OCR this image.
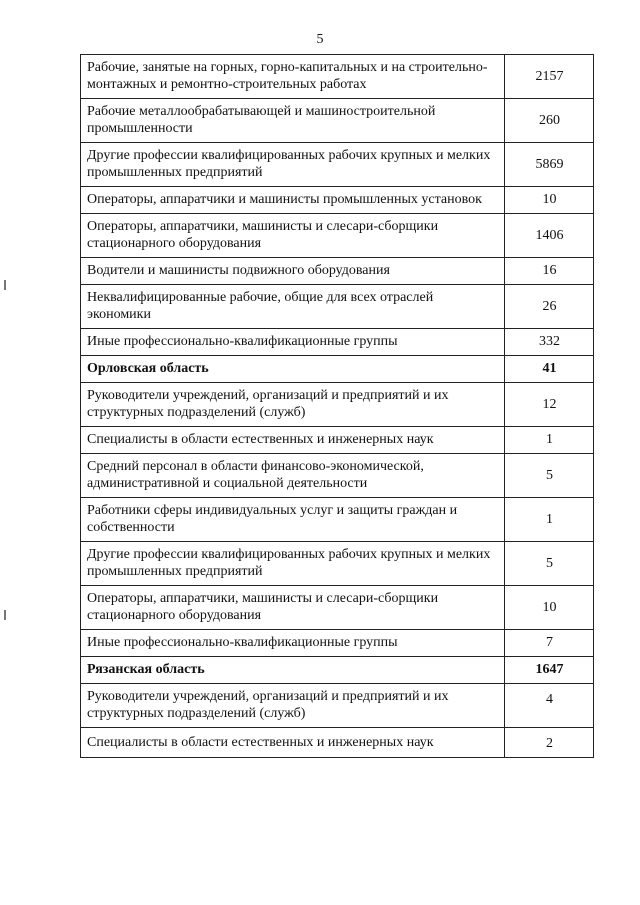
5
Рабочие, занятые на горных, горно-капитальных и на строительно-монтажных и ремонтно-строительных работах	2157
Рабочие металлообрабатывающей и машиностроительной промышленности	260
Другие профессии квалифицированных рабочих крупных и мелких промышленных предприятий	5869
Операторы, аппаратчики и машинисты промышленных установок	10
Операторы, аппаратчики, машинисты и слесари-сборщики стационарного оборудования	1406
Водители и машинисты подвижного оборудования	16
Неквалифицированные рабочие, общие для всех отраслей экономики	26
Иные профессионально-квалификационные группы	332
Орловская область	41
Руководители учреждений, организаций и предприятий и их структурных подразделений (служб)	12
Специалисты в области естественных и инженерных наук	1
Средний персонал в области финансово-экономической, административной и социальной деятельности	5
Работники сферы индивидуальных услуг и защиты граждан и собственности	1
Другие профессии квалифицированных рабочих крупных и мелких промышленных предприятий	5
Операторы, аппаратчики, машинисты и слесари-сборщики стационарного оборудования	10
Иные профессионально-квалификационные группы	7
Рязанская область	1647
Руководители учреждений, организаций и предприятий и их структурных подразделений (служб)	4
Специалисты в области естественных и инженерных наук	2
